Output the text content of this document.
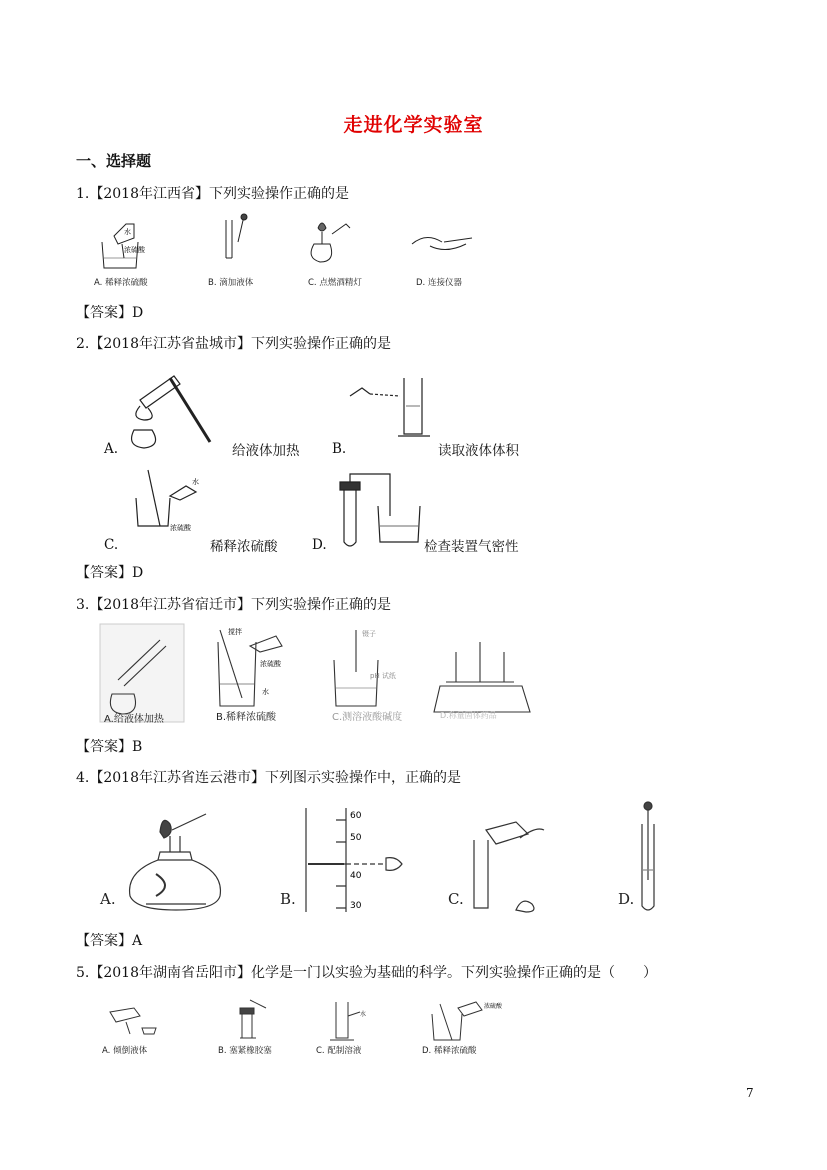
走进化学实验室
一、选择题
1.【2018年江西省】下列实验操作正确的是
水
浓硫酸
A. 稀释浓硫酸	B. 滴加液体	C. 点燃酒精灯	D. 连接仪器
【答案】D
2.【2018年江苏省盐城市】下列实验操作正确的是
水
浓硫酸
A.	给液体加热 B.	读取液体体积
C.	稀释浓硫酸	D.	检查装置气密性
【答案】D
3.【2018年江苏省宿迁市】下列实验操作正确的是
搅拌
浓硫酸
水
镊子
pH 试纸
A.给液体加热	B.稀释浓硫酸	C.测溶液酸碱度	D.称量固体药品
【答案】B
4.【2018年江苏省连云港市】下列图示实验操作中，正确的是
60
50
40
30
A.	B.	C.	D.
【答案】A
5.【2018年湖南省岳阳市】化学是一门以实验为基础的科学。下列实验操作正确的是（　　）
水
浓硫酸
A. 倾倒液体	B. 塞紧橡胶塞	C. 配制溶液	D. 稀释浓硫酸
7
